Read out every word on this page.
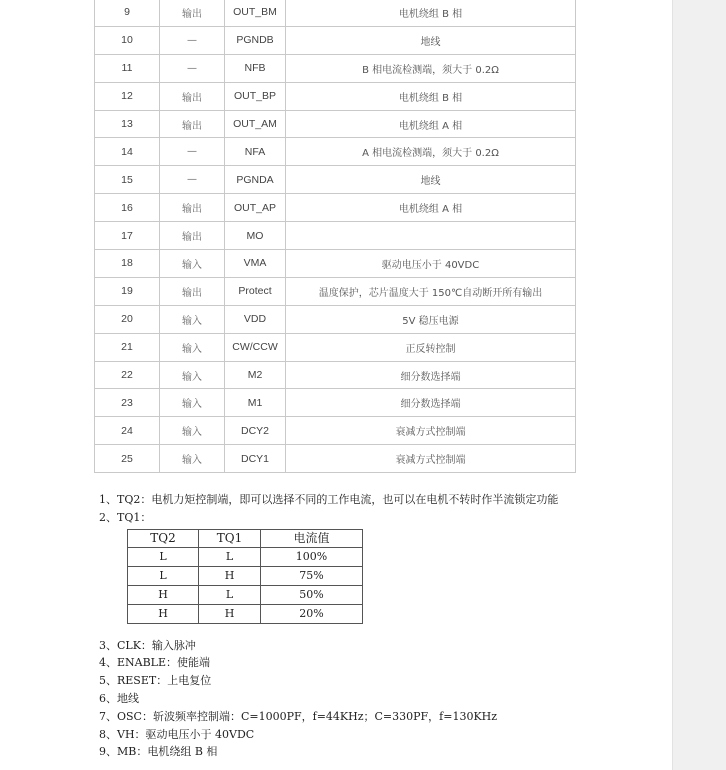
9	输出	OUT_BM	电机绕组 B 相
10	—	PGNDB	地线
11	—	NFB	B 相电流检测端，须大于 0.2Ω
12	输出	OUT_BP	电机绕组 B 相
13	输出	OUT_AM	电机绕组 A 相
14	—	NFA	A 相电流检测端，须大于 0.2Ω
15	—	PGNDA	地线
16	输出	OUT_AP	电机绕组 A 相
17	输出	MO	
18	输入	VMA	驱动电压小于 40VDC
19	输出	Protect	温度保护，芯片温度大于 150℃自动断开所有输出
20	输入	VDD	5V 稳压电源
21	输入	CW/CCW	正反转控制
22	输入	M2	细分数选择端
23	输入	M1	细分数选择端
24	输入	DCY2	衰减方式控制端
25	输入	DCY1	衰减方式控制端
1、TQ2：电机力矩控制端，即可以选择不同的工作电流，也可以在电机不转时作半流锁定功能
2、TQ1：
TQ2	TQ1	电流值
L	L	100%
L	H	75%
H	L	50%
H	H	20%
3、CLK：输入脉冲
4、ENABLE：使能端
5、RESET：上电复位
6、地线
7、OSC：斩波频率控制端：C=1000PF，f=44KHz；C=330PF，f=130KHz
8、VH：驱动电压小于 40VDC
9、MB：电机绕组 B 相
